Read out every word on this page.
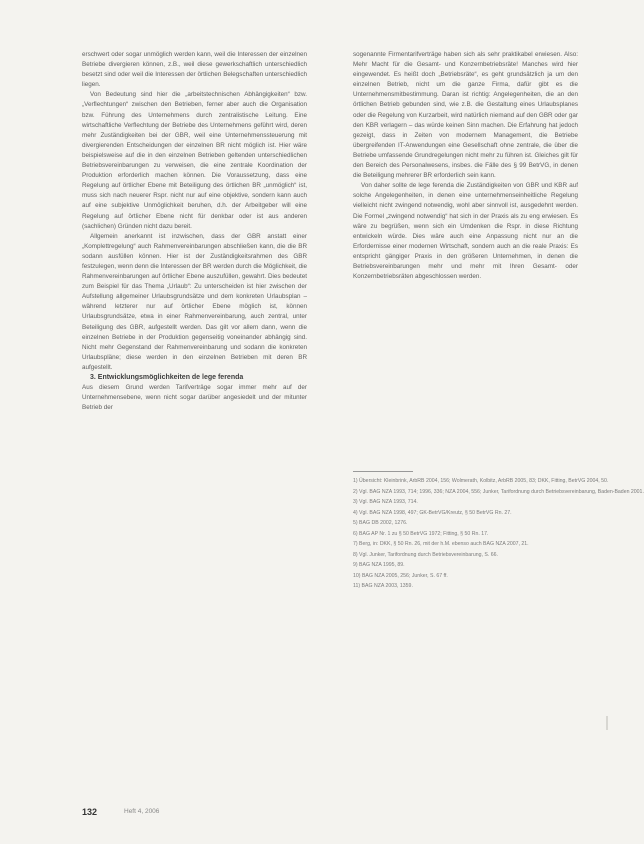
erschwert oder sogar unmöglich werden kann, weil die Interessen der einzelnen Betriebe divergieren können, z.B., weil diese gewerkschaftlich unterschiedlich besetzt sind oder weil die Interessen der örtlichen Belegschaften unterschiedlich liegen.

Von Bedeutung sind hier die „arbeitstechnischen Abhängigkeiten“ bzw. „Verflechtungen“ zwischen den Betrieben, ferner aber auch die Organisation bzw. Führung des Unternehmens durch zentralistische Leitung. Eine wirtschaftliche Verflechtung der Betriebe des Unternehmens geführt wird, deren mehr Zuständigkeiten bei der GBR, weil eine Unternehmenssteuerung mit divergierenden Entscheidungen der einzelnen BR nicht möglich ist. Hier wäre beispielsweise auf die in den einzelnen Betrieben geltenden unterschiedlichen Betriebsvereinbarungen zu verweisen, die eine zentrale Koordination der Produktion erforderlich machen können. Die Voraussetzung, dass eine Regelung auf örtlicher Ebene mit Beteiligung des örtlichen BR „unmöglich“ ist, muss sich nach neuerer Rspr. nicht nur auf eine objektive, sondern kann auch auf eine subjektive Unmöglichkeit beruhen, d.h. der Arbeitgeber will eine Regelung auf örtlicher Ebene nicht für denkbar oder ist aus anderen (sachlichen) Gründen nicht dazu bereit.

Allgemein anerkannt ist inzwischen, dass der GBR anstatt einer „Komplettregelung“ auch Rahmenvereinbarungen abschließen kann, die die BR sodann ausfüllen können. Hier ist der Zuständigkeitsrahmen des GBR festzulegen, wenn denn die Interessen der BR werden durch die Möglichkeit, die Rahmenvereinbarungen auf örtlicher Ebene auszufüllen, gewahrt. Dies bedeutet zum Beispiel für das Thema „Urlaub“: Zu unterscheiden ist hier zwischen der Aufstellung allgemeiner Urlaubsgrundsätze und dem konkreten Urlaubsplan – während letzterer nur auf örtlicher Ebene möglich ist, können Urlaubsgrundsätze, etwa in einer Rahmenvereinbarung, auch zentral, unter Beteiligung des GBR, aufgestellt werden. Das gilt vor allem dann, wenn die einzelnen Betriebe in der Produktion gegenseitig voneinander abhängig sind. Nicht mehr Gegenstand der Rahmenvereinbarung und sodann die konkreten Urlaubspläne; diese werden in den einzelnen Betrieben mit deren BR aufgestellt.

3. Entwicklungsmöglichkeiten de lege ferenda

Aus diesem Grund werden Tarifverträge sogar immer mehr auf der Unternehmensebene, wenn nicht sogar darüber angesiedelt und der mitunter Betrieb der

sogenannte Firmentarifverträge haben sich als sehr praktikabel erwiesen. Also: Mehr Macht für die Gesamt- und Konzernbetriebsräte! Manches wird hier eingewendet. Es heißt doch „Betriebsräte“, es geht grundsätzlich ja um den einzelnen Betrieb, nicht um die ganze Firma, dafür gibt es die Unternehmensmitbestimmung. Daran ist richtig: Angelegenheiten, die an den örtlichen Betrieb gebunden sind, wie z.B. die Gestaltung eines Urlaubsplanes oder die Regelung von Kurzarbeit, wird natürlich niemand auf den GBR oder gar den KBR verlagern – das würde keinen Sinn machen. Die Erfahrung hat jedoch gezeigt, dass in Zeiten von modernem Management, die Betriebe übergreifenden IT-Anwendungen eine Gesellschaft ohne zentrale, die über die Betriebe umfassende Grundregelungen nicht mehr zu führen ist. Gleiches gilt für den Bereich des Personalwesens, insbes. die Fälle des § 99 BetrVG, in denen die Beteiligung mehrerer BR erforderlich sein kann.

Von daher sollte de lege ferenda die Zuständigkeiten von GBR und KBR auf solche Angelegenheiten, in denen eine unternehmenseinheitliche Regelung vielleicht nicht zwingend notwendig, wohl aber sinnvoll ist, ausgedehnt werden. Die Formel „zwingend notwendig“ hat sich in der Praxis als zu eng erwiesen. Es wäre zu begrüßen, wenn sich ein Umdenken die Rspr. in diese Richtung entwickeln würde. Dies wäre auch eine Anpassung nicht nur an die Erfordernisse einer modernen Wirtschaft, sondern auch an die reale Praxis: Es entspricht gängiger Praxis in den größeren Unternehmen, in denen die Betriebsvereinbarungen mehr und mehr mit Ihren Gesamt- oder Konzernbetriebsräten abgeschlossen werden.

1) Übersicht: Kleinbrink, ArbRB 2004, 156; Wolmerath, Kolbitz, ArbRB 2005, 83; DKK, Fitting, BetrVG 2004, 50.
2) Vgl. BAG NZA 1993, 714; 1996, 336; NZA 2004, 556; Junker, Tarifordnung durch Betriebsvereinbarung, Baden-Baden 2001.
3) Vgl. BAG NZA 1993, 714.
4) Vgl. BAG NZA 1998, 497; GK-BetrVG/Kreutz, § 50 BetrVG Rn. 27.
5) BAG DB 2002, 1276.
6) BAG AP Nr. 1 zu § 50 BetrVG 1972; Fitting, § 50 Rn. 17.
7) Berg, in: DKK, § 50 Rn. 26, mit der h.M. ebenso auch BAG NZA 2007, 21.
8) Vgl. Junker, Tarifordnung durch Betriebsvereinbarung, S. 66.
9) BAG NZA 1995, 89.
10) BAG NZA 2005, 256; Junker, S. 67 ff.
11) BAG NZA 2003, 1359.
132	Heft 4, 2006
